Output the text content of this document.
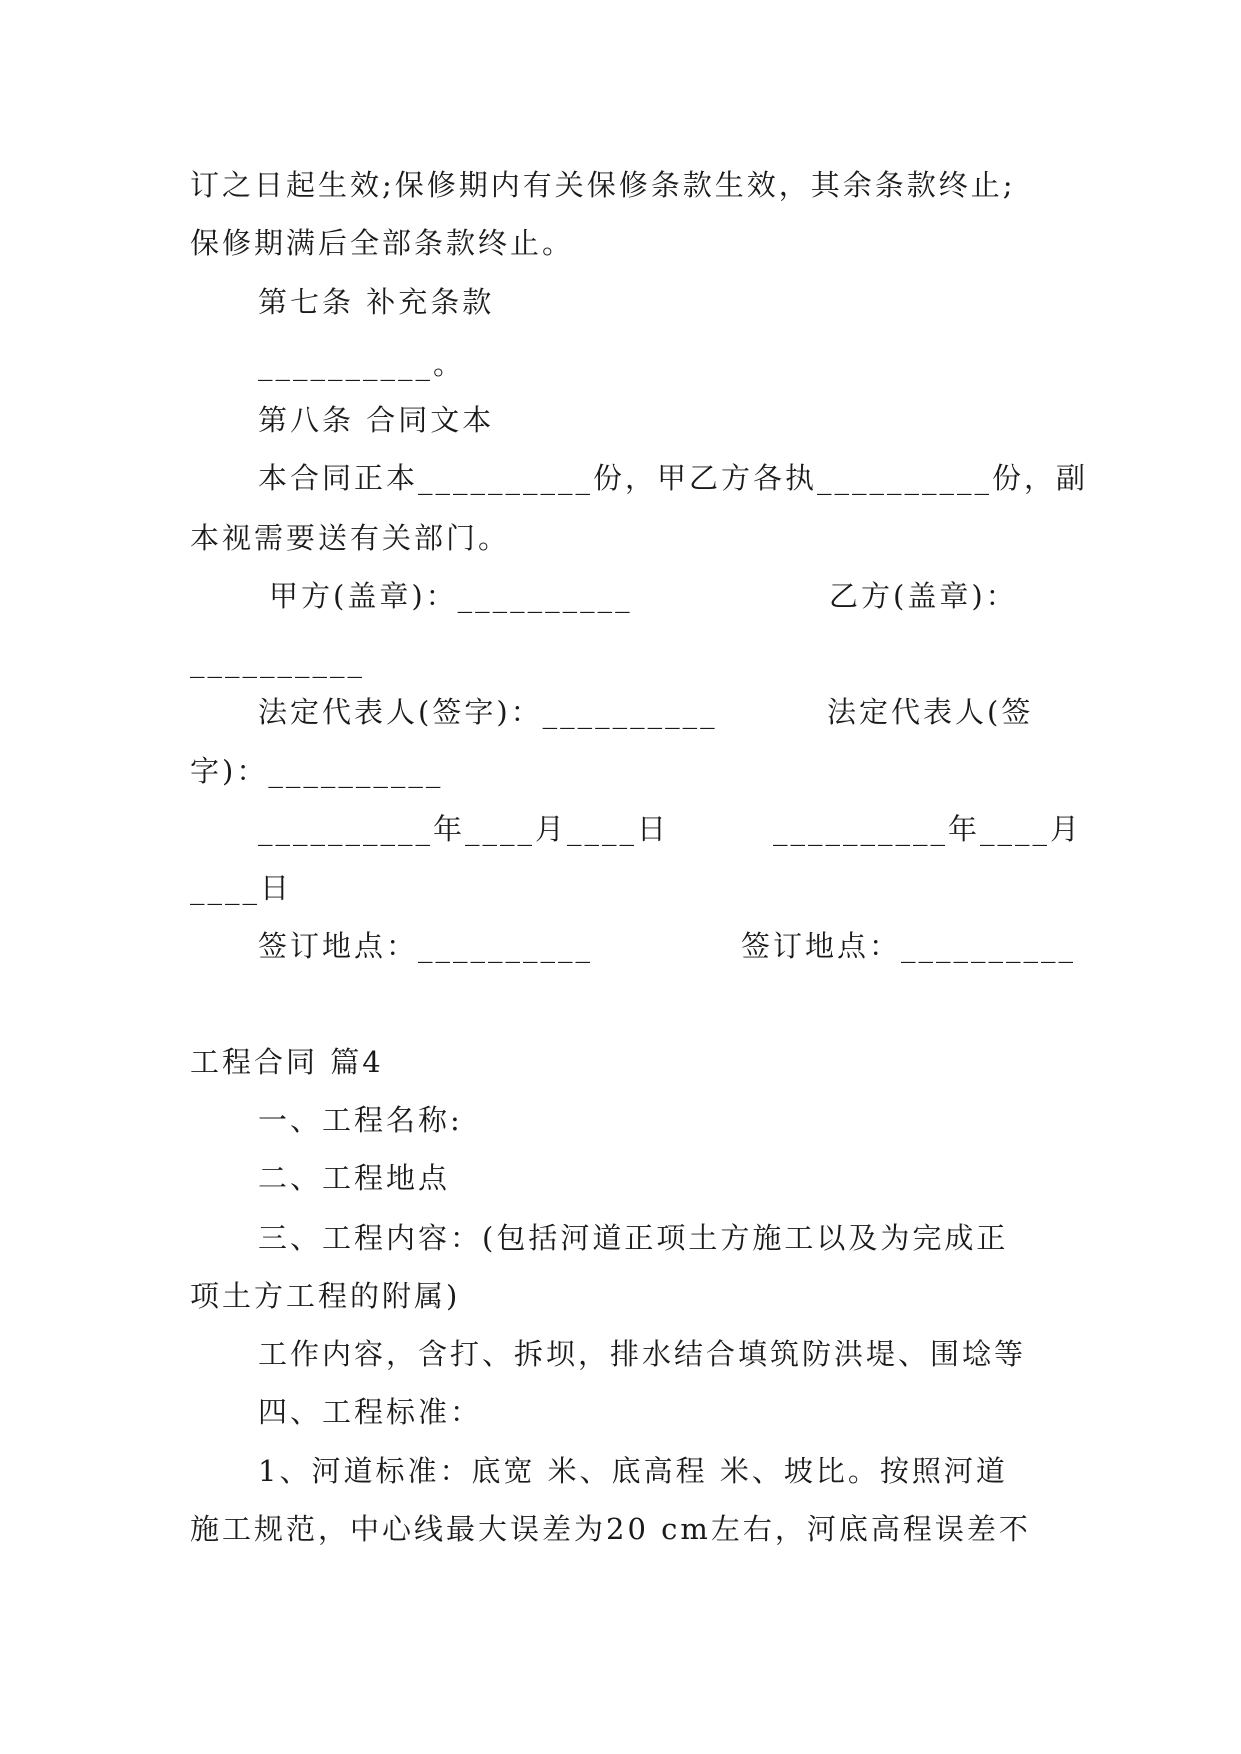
订之日起生效;保修期内有关保修条款生效，其余条款终止;
保修期满后全部条款终止。
第七条 补充条款
__________。
第八条 合同文本
本合同正本__________份，甲乙方各执__________份，副
本视需要送有关部门。
甲方(盖章)：__________	乙方(盖章)：
__________
法定代表人(签字)：__________	法定代表人(签
字)：__________
__________年____月____日	__________年____月
____日
签订地点：__________	签订地点：__________
工程合同 篇4
一、工程名称:
二、工程地点
三、工程内容：(包括河道正项土方施工以及为完成正
项土方工程的附属)
工作内容，含打、拆坝，排水结合填筑防洪堤、围埝等
四、工程标准：
1、河道标准：底宽 米、底高程 米、坡比。按照河道
施工规范，中心线最大误差为20 cm左右，河底高程误差不
